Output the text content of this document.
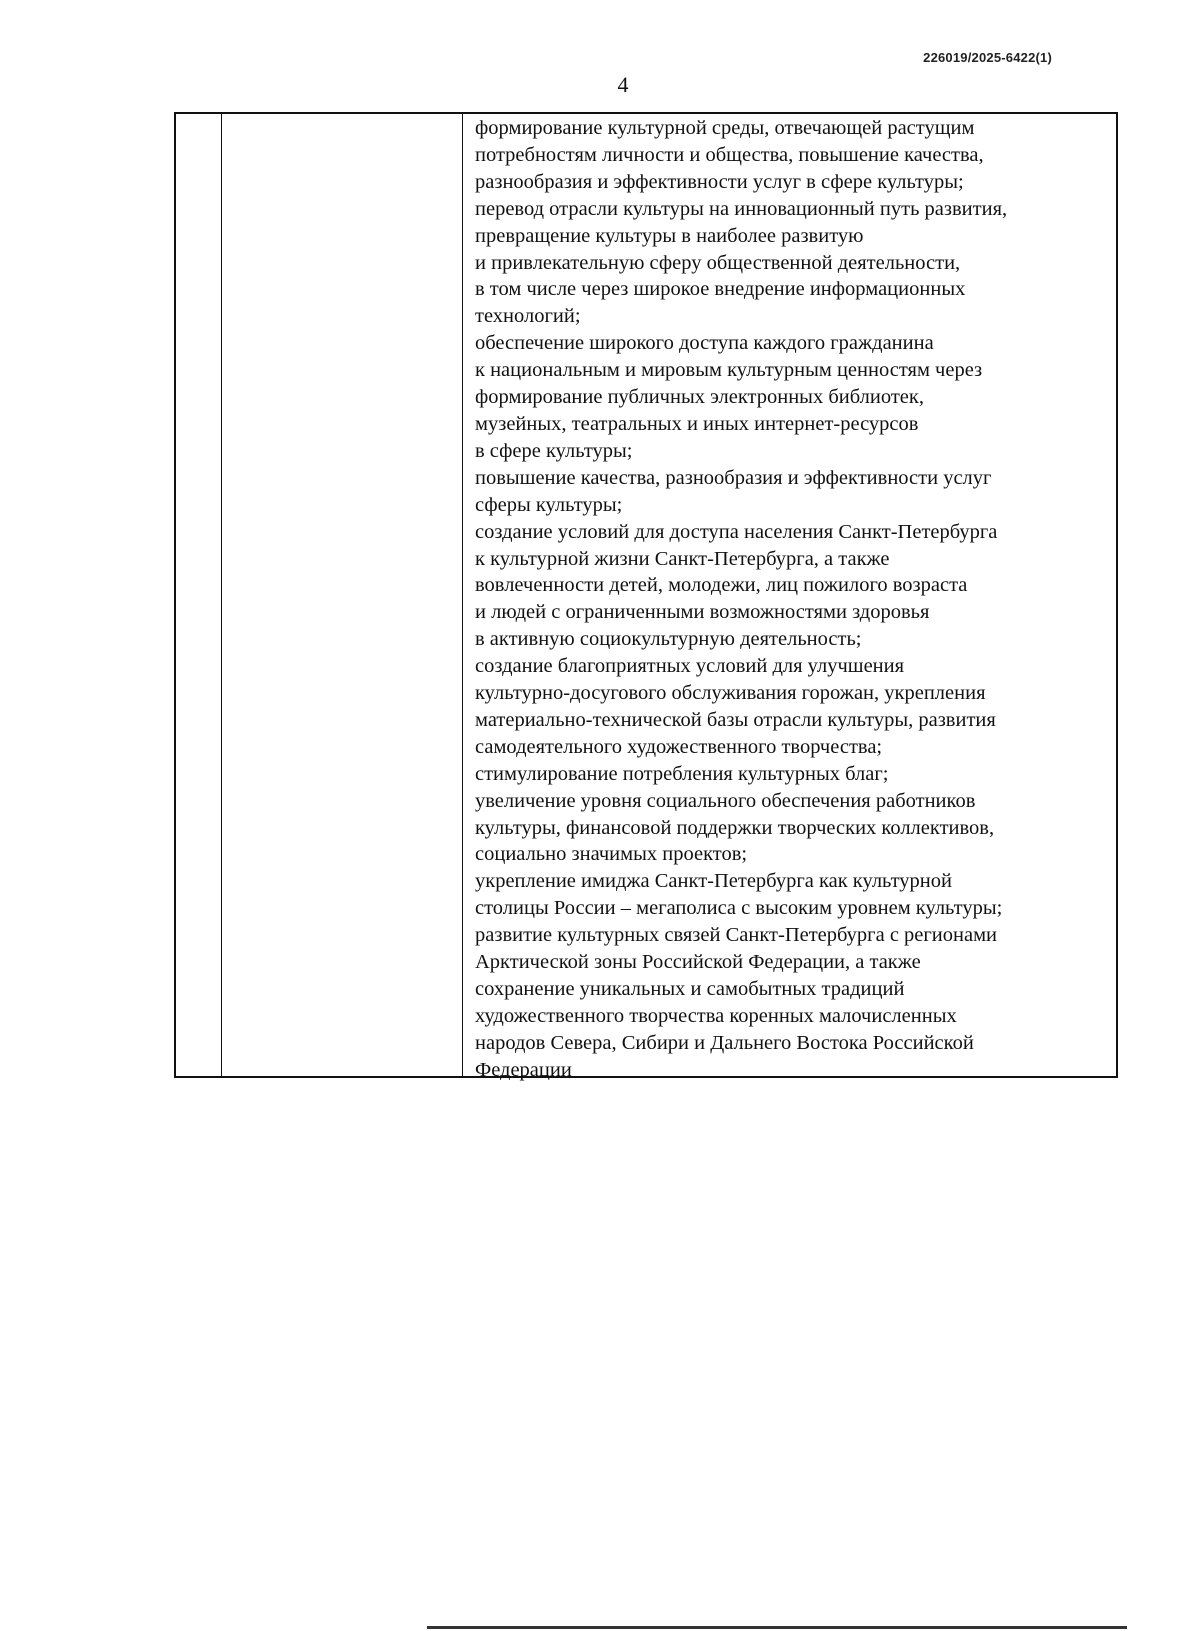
226019/2025-6422(1)
4
формирование культурной среды, отвечающей растущим
потребностям личности и общества, повышение качества,
разнообразия и эффективности услуг в сфере культуры;
перевод отрасли культуры на инновационный путь развития,
превращение культуры в наиболее развитую
и привлекательную сферу общественной деятельности,
в том числе через широкое внедрение информационных
технологий;
обеспечение широкого доступа каждого гражданина
к национальным и мировым культурным ценностям через
формирование публичных электронных библиотек,
музейных, театральных и иных интернет-ресурсов
в сфере культуры;
повышение качества, разнообразия и эффективности услуг
сферы культуры;
создание условий для доступа населения Санкт-Петербурга
к культурной жизни Санкт-Петербурга, а также
вовлеченности детей, молодежи, лиц пожилого возраста
и людей с ограниченными возможностями здоровья
в активную социокультурную деятельность;
создание благоприятных условий для улучшения
культурно-досугового обслуживания горожан, укрепления
материально-технической базы отрасли культуры, развития
самодеятельного художественного творчества;
стимулирование потребления культурных благ;
увеличение уровня социального обеспечения работников
культуры, финансовой поддержки творческих коллективов,
социально значимых проектов;
укрепление имиджа Санкт-Петербурга как культурной
столицы России – мегаполиса с высоким уровнем культуры;
развитие культурных связей Санкт-Петербурга с регионами
Арктической зоны Российской Федерации, а также
сохранение уникальных и самобытных традиций
художественного творчества коренных малочисленных
народов Севера, Сибири и Дальнего Востока Российской
Федерации
